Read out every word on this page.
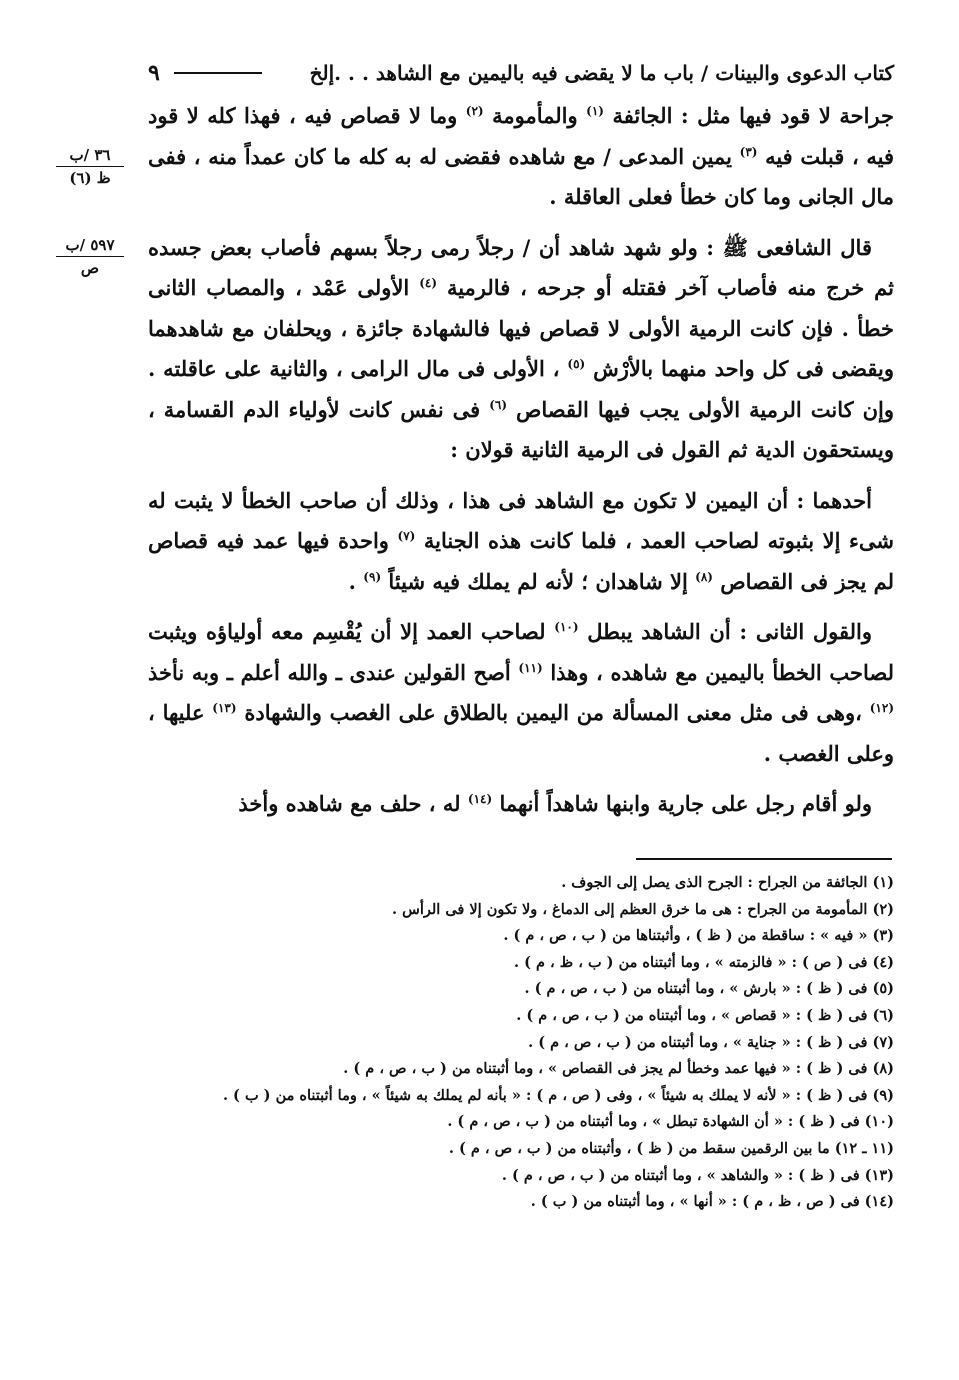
كتاب الدعوى والبينات / باب ما لا يقضى فيه باليمين مع الشاهد . . .إلخ
٩
٣٦ /ب
ظ (٦)
٥٩٧ /ب
ص

جراحة لا قود فيها مثل : الجائفة $^{(١)}$ والمأمومة $^{(٢)}$ وما لا قصاص فيه ، فهذا كله لا قود فيه ، قبلت فيه $^{(٣)}$ يمين المدعى / مع شاهده فقضى له به كله ما كان عمداً منه ، ففى مال الجانى وما كان خطأ فعلى العاقلة .

قال الشافعى ﷺ : ولو شهد شاهد أن / رجلاً رمى رجلاً بسهم فأصاب بعض جسده ثم خرج منه فأصاب آخر فقتله أو جرحه ، فالرمية $^{(٤)}$ الأولى عَمْد ، والمصاب الثانى خطأ . فإن كانت الرمية الأولى لا قصاص فيها فالشهادة جائزة ، ويحلفان مع شاهدهما ويقضى فى كل واحد منهما بالأرْش $^{(٥)}$ ، الأولى فى مال الرامى ، والثانية على عاقلته . وإن كانت الرمية الأولى يجب فيها القصاص $^{(٦)}$ فى نفس كانت لأولياء الدم القسامة ، ويستحقون الدية ثم القول فى الرمية الثانية قولان :

أحدهما : أن اليمين لا تكون مع الشاهد فى هذا ، وذلك أن صاحب الخطأ لا يثبت له شىء إلا بثبوته لصاحب العمد ، فلما كانت هذه الجناية $^{(٧)}$ واحدة فيها عمد فيه قصاص لم يجز فى القصاص $^{(٨)}$ إلا شاهدان ؛ لأنه لم يملك فيه شيئاً $^{(٩)}$ .

والقول الثانى : أن الشاهد يبطل $^{(١٠)}$ لصاحب العمد إلا أن يُقْسِم معه أولياؤه ويثبت لصاحب الخطأ باليمين مع شاهده ، وهذا $^{(١١)}$ أصح القولين عندى ـ والله أعلم ـ وبه نأخذ $^{(١٢)}$ ،وهى فى مثل معنى المسألة من اليمين بالطلاق على الغصب والشهادة $^{(١٣)}$ عليها ، وعلى الغصب .

ولو أقام رجل على جارية وابنها شاهداً أنهما $^{(١٤)}$ له ، حلف مع شاهده وأخذ

(١) الجائفة من الجراح : الجرح الذى يصل إلى الجوف .
(٢) المأمومة من الجراح : هى ما خرق العظم إلى الدماغ ، ولا تكون إلا فى الرأس .
(٣) « فيه » : ساقطة من ( ظ ) ، وأثبتناها من ( ب ، ص ، م ) .
(٤) فى ( ص ) : « فالزمته » ، وما أثبتناه من ( ب ، ظ ، م ) .
(٥) فى ( ظ ) : « بارش » ، وما أثبتناه من ( ب ، ص ، م ) .
(٦) فى ( ظ ) : « قصاص » ، وما أثبتناه من ( ب ، ص ، م ) .
(٧) فى ( ظ ) : « جناية » ، وما أثبتناه من ( ب ، ص ، م ) .
(٨) فى ( ظ ) : « فيها عمد وخطأ لم يجز فى القصاص » ، وما أثبتناه من ( ب ، ص ، م ) .
(٩) فى ( ظ ) : « لأنه لا يملك به شيئاً » ، وفى ( ص ، م ) : « بأنه لم يملك به شيئاً » ، وما أثبتناه من ( ب ) .
(١٠) فى ( ظ ) : « أن الشهادة تبطل » ، وما أثبتناه من ( ب ، ص ، م ) .
(١١ ـ ١٢) ما بين الرقمين سقط من ( ظ ) ، وأثبتناه من ( ب ، ص ، م ) .
(١٣) فى ( ظ ) : « والشاهد » ، وما أثبتناه من ( ب ، ص ، م ) .
(١٤) فى ( ص ، ظ ، م ) : « أنها » ، وما أثبتناه من ( ب ) .
